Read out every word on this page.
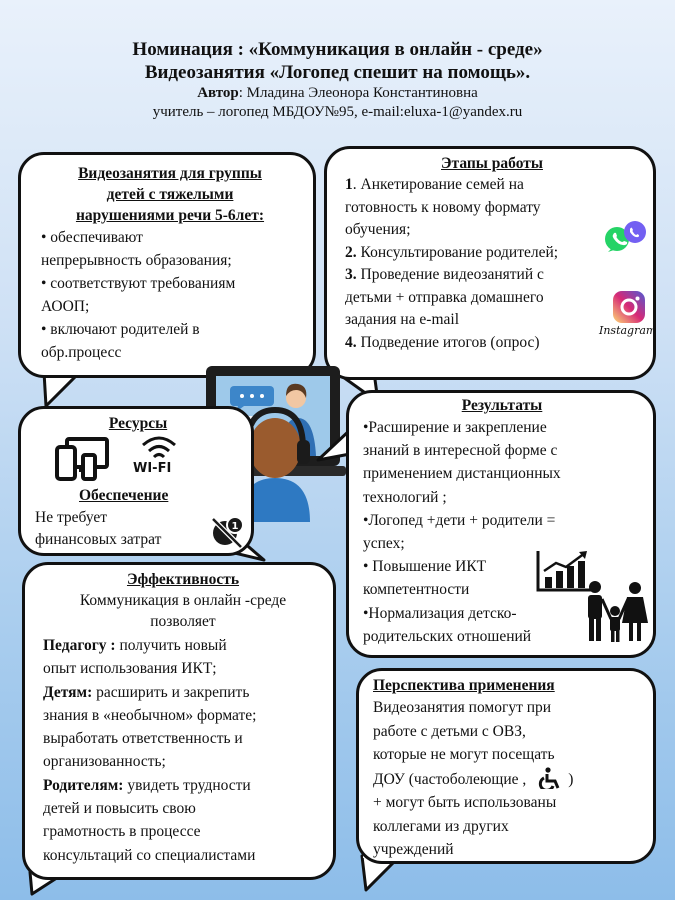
Номинация : «Коммуникация в онлайн - среде»
Видеозанятия «Логопед спешит на помощь».
Автор: Младина Элеонора Константиновна
учитель – логопед МБДОУ№95, e-mail:eluxa-1@yandex.ru
Видеозанятия для группы
детей с тяжелыми
нарушениями речи 5-6лет:
• обеспечивают
непрерывность образования;
• соответствуют требованиям
АООП;
• включают родителей в
обр.процесс
Этапы работы
1. Анкетирование семей на
готовность к новому формату
обучения;
2. Консультирование родителей;
3. Проведение видеозанятий с
детьми + отправка домашнего
задания на e-mail
4. Подведение итогов (опрос)
Instagram
Ресурсы
WI-FI
Обеспечение
Не требует
финансовых затрат
1
Результаты
•Расширение и закрепление
знаний в интересной форме с
применением дистанционных
технологий ;
•Логопед +дети + родители =
успех;
• Повышение ИКТ
компетентности
•Нормализация детско-
родительских отношений
Эффективность
Коммуникация в онлайн -среде
позволяет
Педагогу : получить новый
опыт использования ИКТ;
Детям: расширить и закрепить
знания в «необычном» формате;
выработать ответственность и
организованность;
Родителям: увидеть трудности
детей и повысить свою
грамотность в процессе
консультаций со специалистами
Перспектива применения
Видеозанятия помогут при
работе с детьми с ОВЗ,
которые не могут посещать
ДОУ (частоболеющие ,	)
+ могут быть использованы
коллегами из других
учреждений
